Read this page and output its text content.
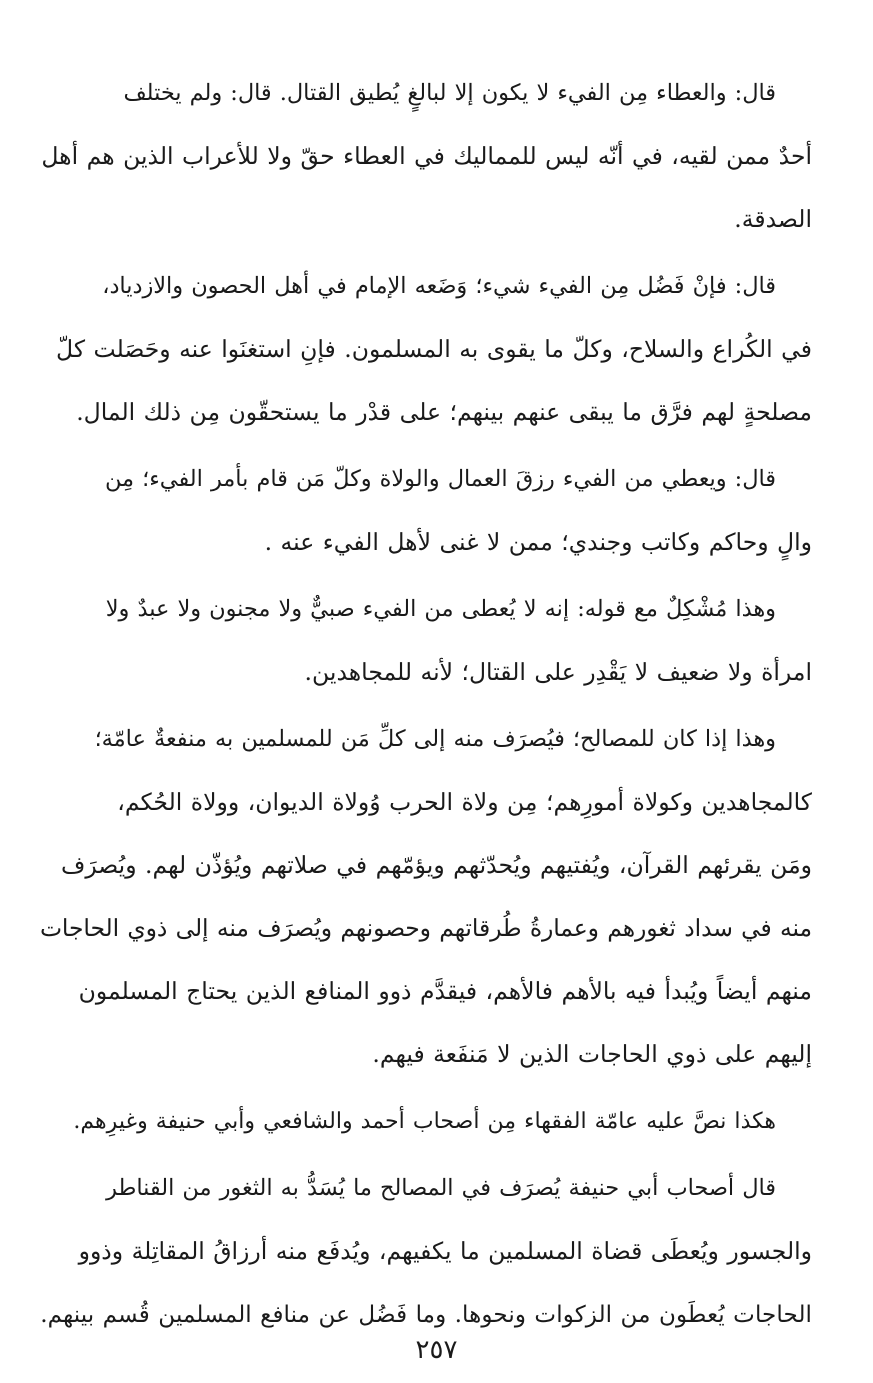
قال: والعطاء مِن الفيء لا يكون إلا لبالغٍ يُطيق القتال. قال: ولم يختلف
أحدٌ ممن لقيه، في أنّه ليس للمماليك في العطاء حقّ ولا للأعراب الذين هم أهل
الصدقة.
قال: فإنْ فَضُل مِن الفيء شيء؛ وَضَعه الإمام في أهل الحصون والازدياد،
في الكُراع والسلاح، وكلّ ما يقوى به المسلمون. فإنِ استغنَوا عنه وحَصَلت كلّ
مصلحةٍ لهم فرَّق ما يبقى عنهم بينهم؛ على قدْر ما يستحقّون مِن ذلك المال.
قال: ويعطي من الفيء رزقَ العمال والولاة وكلّ مَن قام بأمر الفيء؛ مِن
والٍ وحاكم وكاتب وجندي؛ ممن لا غنى لأهل الفيء عنه .
وهذا مُشْكِلٌ مع قوله: إنه لا يُعطى من الفيء صبيٌّ ولا مجنون ولا عبدٌ ولا
امرأة ولا ضعيف لا يَقْدِر على القتال؛ لأنه للمجاهدين.
وهذا إذا كان للمصالح؛ فيُصرَف منه إلى كلِّ مَن للمسلمين به منفعةٌ عامّة؛
كالمجاهدين وكولاة أمورِهم؛ مِن ولاة الحرب وُولاة الديوان، وولاة الحُكم،
ومَن يقرئهم القرآن، ويُفتيهم ويُحدّثهم ويؤمّهم في صلاتهم ويُؤذّن لهم. ويُصرَف
منه في سداد ثغورهم وعمارةُ طُرقاتهم وحصونهم ويُصرَف منه إلى ذوي الحاجات
منهم أيضاً ويُبدأ فيه بالأهم فالأهم، فيقدَّم ذوو المنافع الذين يحتاج المسلمون
إليهم على ذوي الحاجات الذين لا مَنفَعة فيهم.
هكذا نصَّ عليه عامّة الفقهاء مِن أصحاب أحمد والشافعي وأبي حنيفة وغيرِهم.
قال أصحاب أبي حنيفة يُصرَف في المصالح ما يُسَدُّ به الثغور من القناطر
والجسور ويُعطَى قضاة المسلمين ما يكفيهم، ويُدفَع منه أرزاقُ المقاتِلة وذوو
الحاجات يُعطَون من الزكوات ونحوها. وما فَضُل عن منافع المسلمين قُسم بينهم.
٢٥٧
